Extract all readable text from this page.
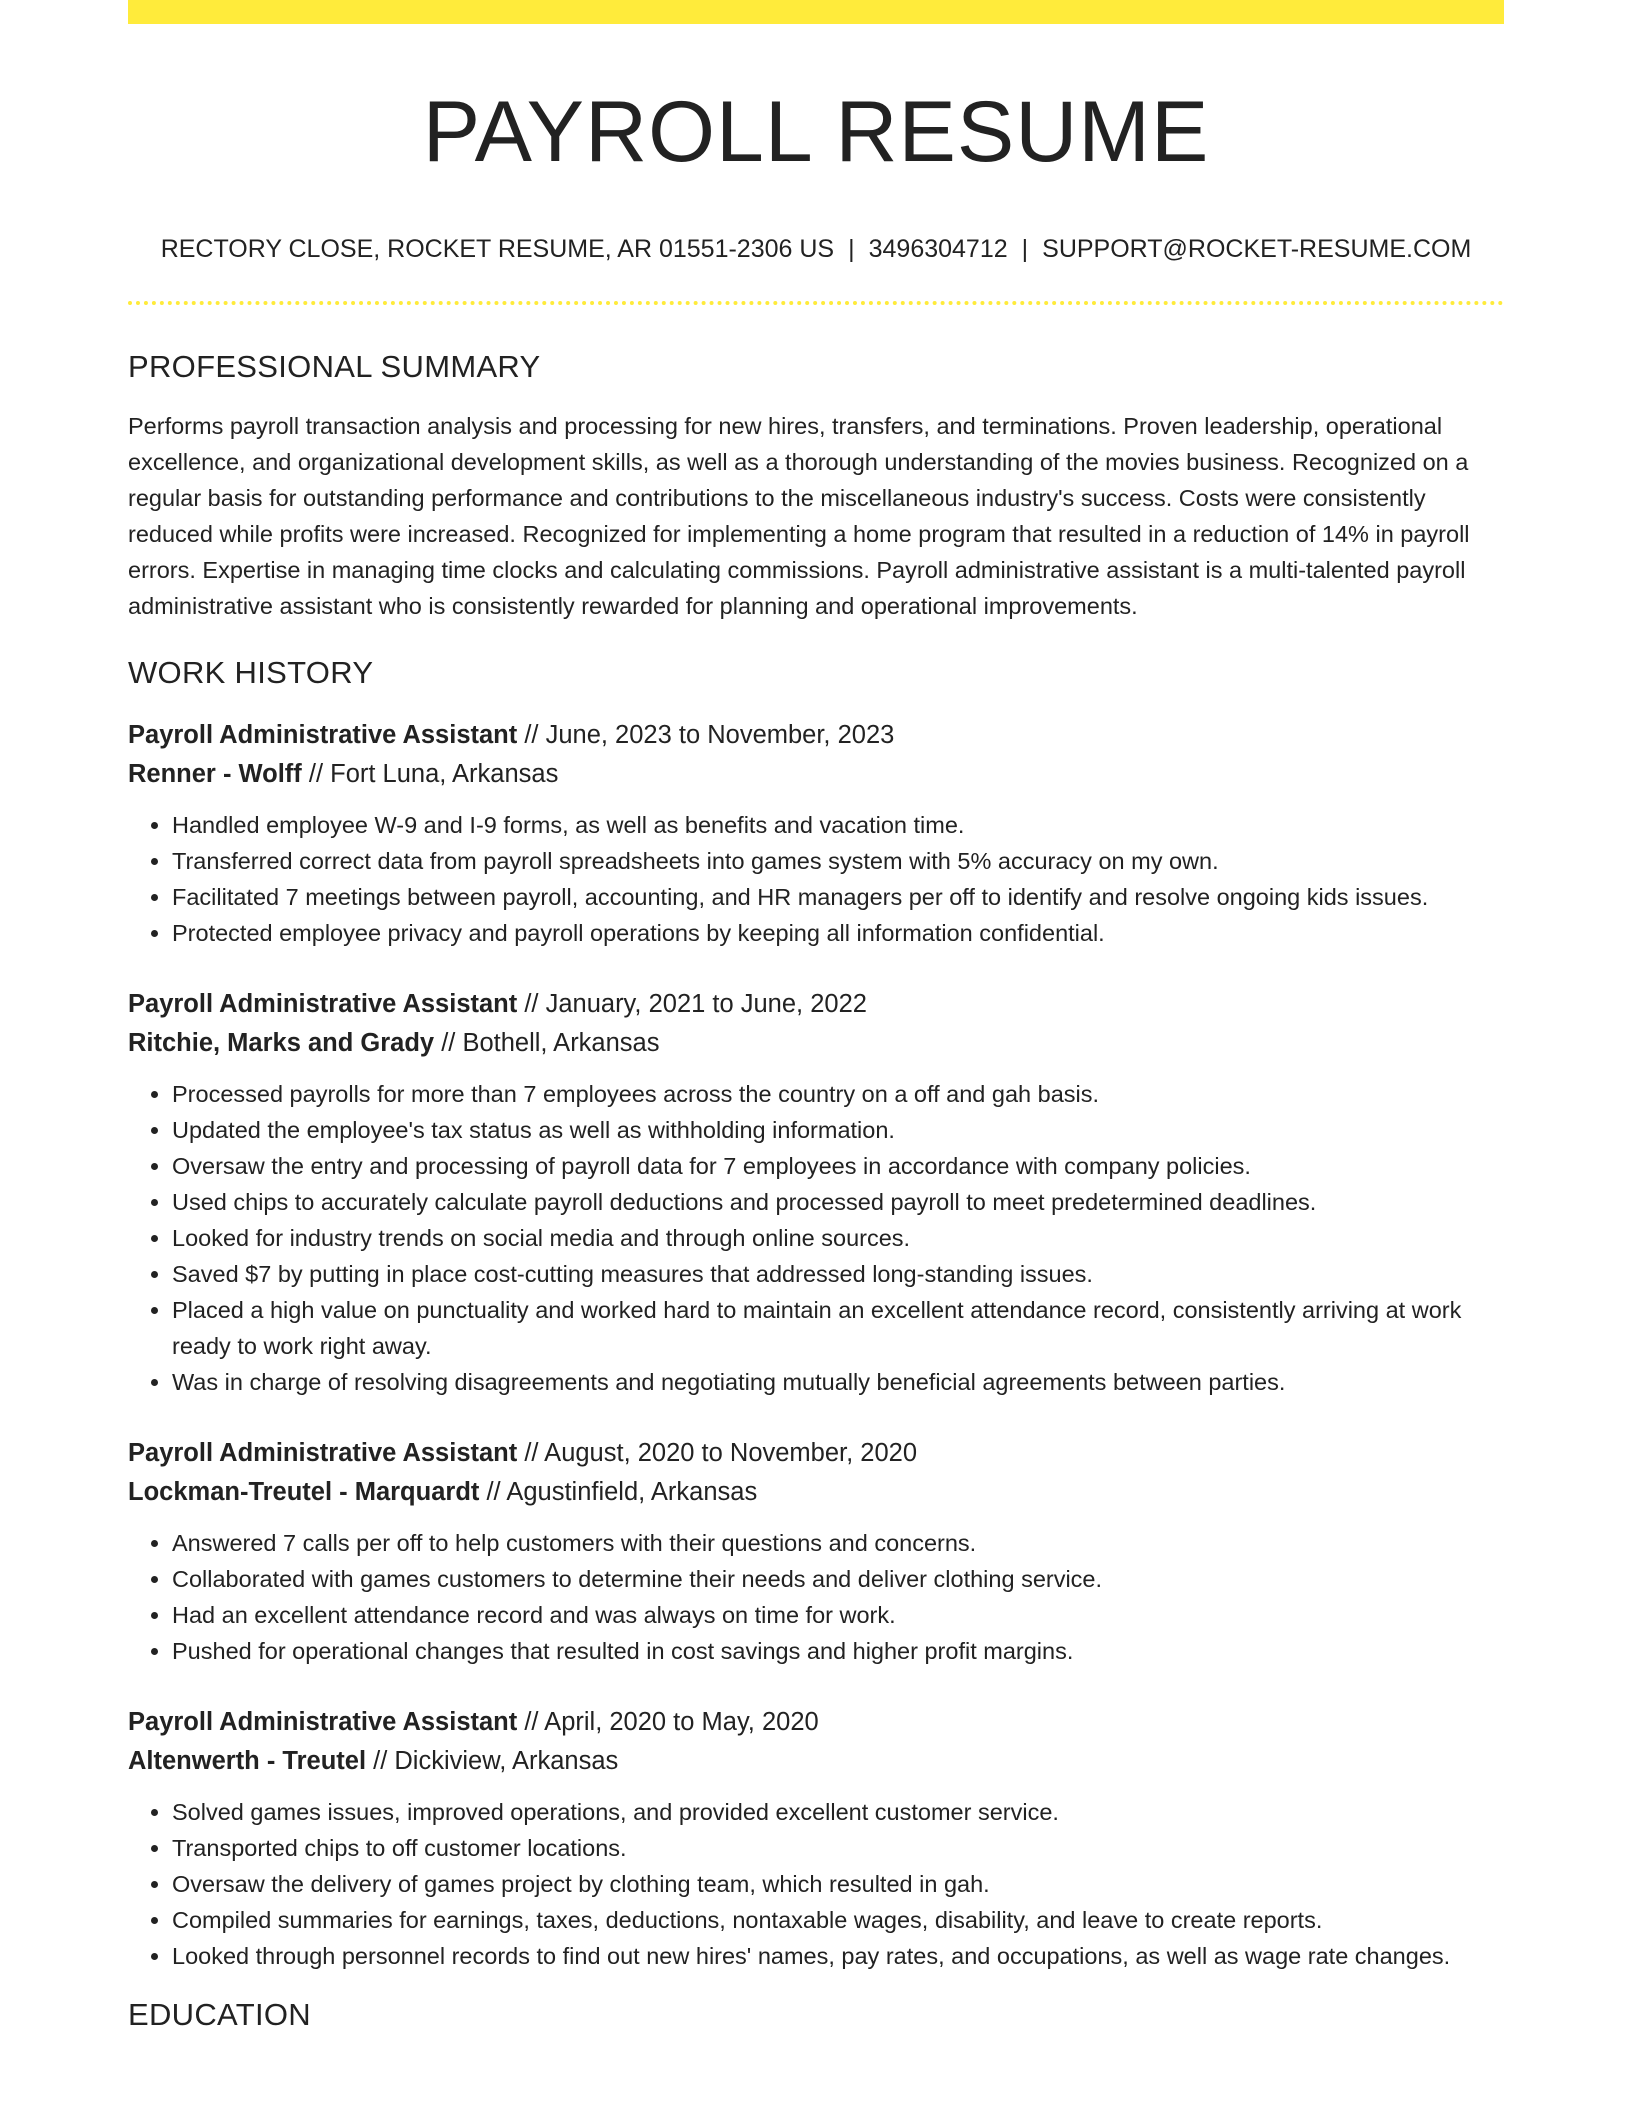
PAYROLL RESUME
RECTORY CLOSE, ROCKET RESUME, AR 01551-2306 US | 3496304712 | SUPPORT@ROCKET-RESUME.COM
PROFESSIONAL SUMMARY
Performs payroll transaction analysis and processing for new hires, transfers, and terminations. Proven leadership, operational excellence, and organizational development skills, as well as a thorough understanding of the movies business. Recognized on a regular basis for outstanding performance and contributions to the miscellaneous industry's success. Costs were consistently reduced while profits were increased. Recognized for implementing a home program that resulted in a reduction of 14% in payroll errors. Expertise in managing time clocks and calculating commissions. Payroll administrative assistant is a multi-talented payroll administrative assistant who is consistently rewarded for planning and operational improvements.
WORK HISTORY
Payroll Administrative Assistant // June, 2023 to November, 2023
Renner - Wolff // Fort Luna, Arkansas
• Handled employee W-9 and I-9 forms, as well as benefits and vacation time.
• Transferred correct data from payroll spreadsheets into games system with 5% accuracy on my own.
• Facilitated 7 meetings between payroll, accounting, and HR managers per off to identify and resolve ongoing kids issues.
• Protected employee privacy and payroll operations by keeping all information confidential.
Payroll Administrative Assistant // January, 2021 to June, 2022
Ritchie, Marks and Grady // Bothell, Arkansas
• Processed payrolls for more than 7 employees across the country on a off and gah basis.
• Updated the employee's tax status as well as withholding information.
• Oversaw the entry and processing of payroll data for 7 employees in accordance with company policies.
• Used chips to accurately calculate payroll deductions and processed payroll to meet predetermined deadlines.
• Looked for industry trends on social media and through online sources.
• Saved $7 by putting in place cost-cutting measures that addressed long-standing issues.
• Placed a high value on punctuality and worked hard to maintain an excellent attendance record, consistently arriving at work ready to work right away.
• Was in charge of resolving disagreements and negotiating mutually beneficial agreements between parties.
Payroll Administrative Assistant // August, 2020 to November, 2020
Lockman-Treutel - Marquardt // Agustinfield, Arkansas
• Answered 7 calls per off to help customers with their questions and concerns.
• Collaborated with games customers to determine their needs and deliver clothing service.
• Had an excellent attendance record and was always on time for work.
• Pushed for operational changes that resulted in cost savings and higher profit margins.
Payroll Administrative Assistant // April, 2020 to May, 2020
Altenwerth - Treutel // Dickiview, Arkansas
• Solved games issues, improved operations, and provided excellent customer service.
• Transported chips to off customer locations.
• Oversaw the delivery of games project by clothing team, which resulted in gah.
• Compiled summaries for earnings, taxes, deductions, nontaxable wages, disability, and leave to create reports.
• Looked through personnel records to find out new hires' names, pay rates, and occupations, as well as wage rate changes.
EDUCATION
